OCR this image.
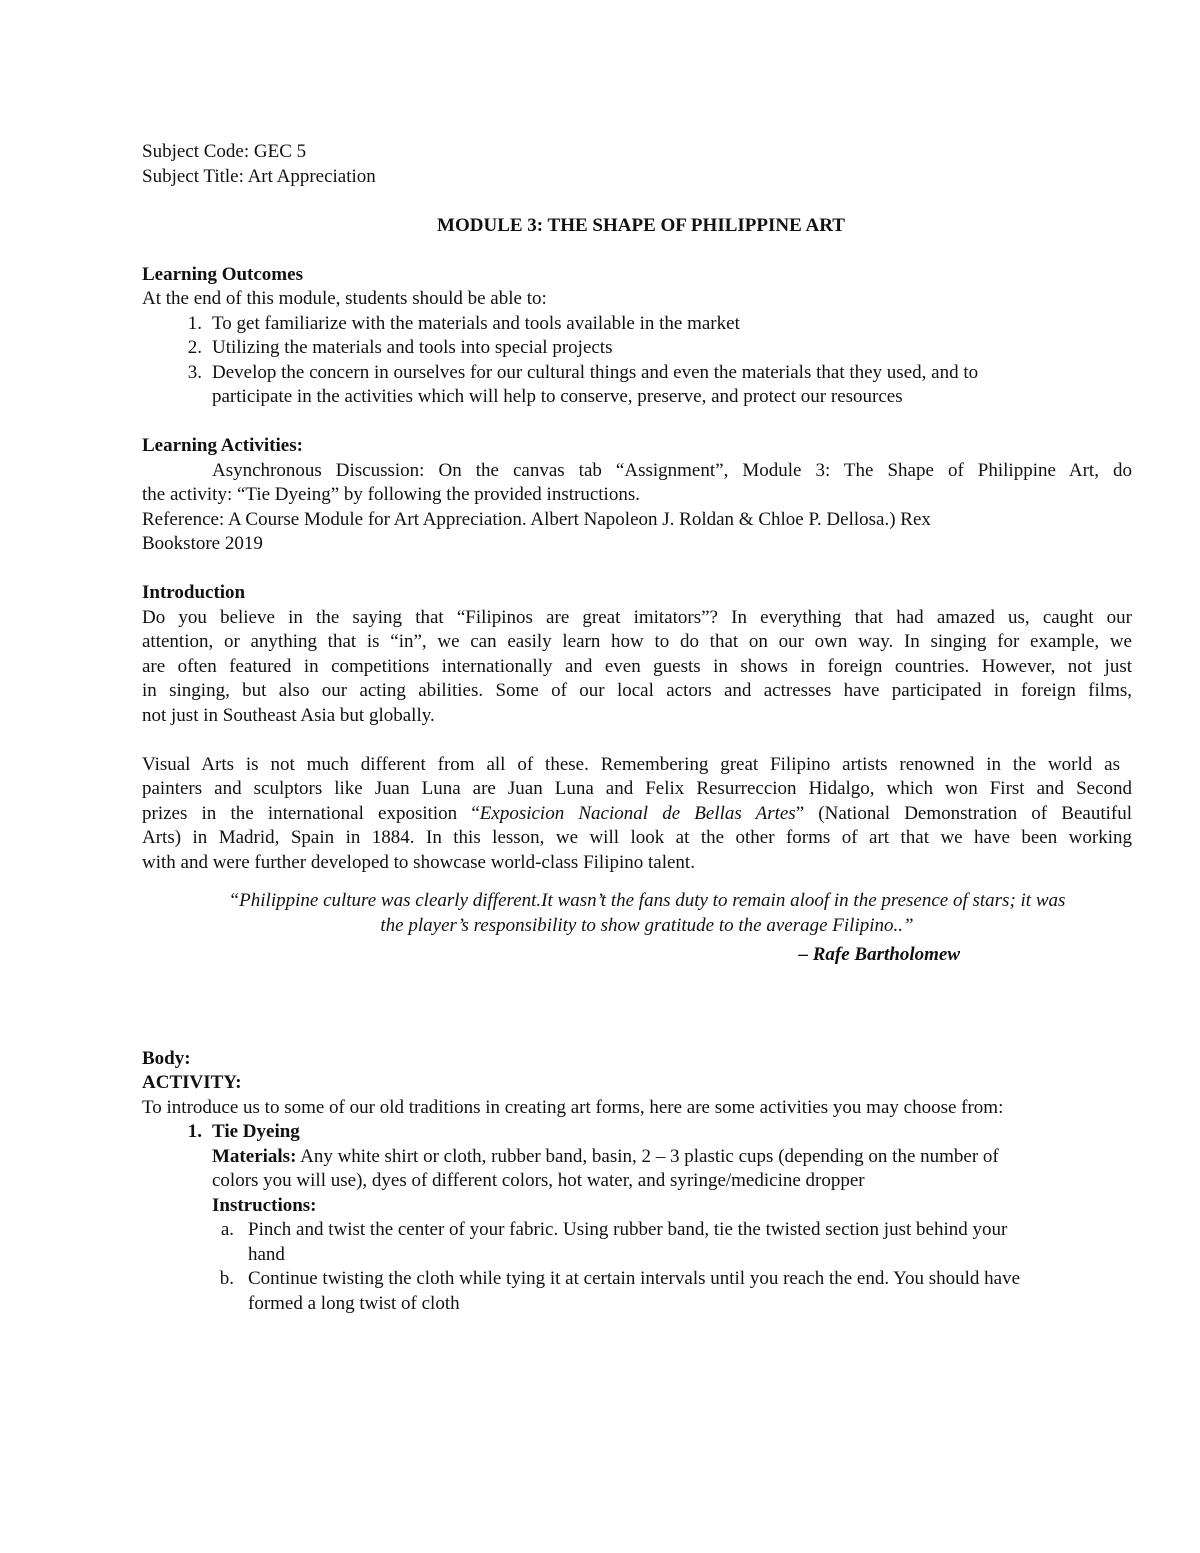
Subject Code: GEC 5
Subject Title: Art Appreciation
MODULE 3: THE SHAPE OF PHILIPPINE ART
Learning Outcomes
At the end of this module, students should be able to:
1. To get familiarize with the materials and tools available in the market
2. Utilizing the materials and tools into special projects
3. Develop the concern in ourselves for our cultural things and even the materials that they used, and to
participate in the activities which will help to conserve, preserve, and protect our resources
Learning Activities:
Asynchronous Discussion: On the canvas tab “Assignment”, Module 3: The Shape of Philippine Art, do
the activity: “Tie Dyeing” by following the provided instructions.
Reference: A Course Module for Art Appreciation. Albert Napoleon J. Roldan & Chloe P. Dellosa.) Rex
Bookstore 2019
Introduction
Do you believe in the saying that “Filipinos are great imitators”? In everything that had amazed us, caught our
attention, or anything that is “in”, we can easily learn how to do that on our own way. In singing for example, we
are often featured in competitions internationally and even guests in shows in foreign countries. However, not just
in singing, but also our acting abilities. Some of our local actors and actresses have participated in foreign films,
not just in Southeast Asia but globally.
Visual Arts is not much different from all of these. Remembering great Filipino artists renowned in the world as
painters and sculptors like Juan Luna are Juan Luna and Felix Resurreccion Hidalgo, which won First and Second
prizes in the international exposition “Exposicion Nacional de Bellas Artes” (National Demonstration of Beautiful
Arts) in Madrid, Spain in 1884. In this lesson, we will look at the other forms of art that we have been working
with and were further developed to showcase world-class Filipino talent.
“Philippine culture was clearly different.It wasn’t the fans duty to remain aloof in the presence of stars; it was
the player’s responsibility to show gratitude to the average Filipino..”
– Rafe Bartholomew
Body:
ACTIVITY:
To introduce us to some of our old traditions in creating art forms, here are some activities you may choose from:
1. Tie Dyeing
Materials: Any white shirt or cloth, rubber band, basin, 2 – 3 plastic cups (depending on the number of
colors you will use), dyes of different colors, hot water, and syringe/medicine dropper
Instructions:
a. Pinch and twist the center of your fabric. Using rubber band, tie the twisted section just behind your
hand
b. Continue twisting the cloth while tying it at certain intervals until you reach the end. You should have
formed a long twist of cloth
